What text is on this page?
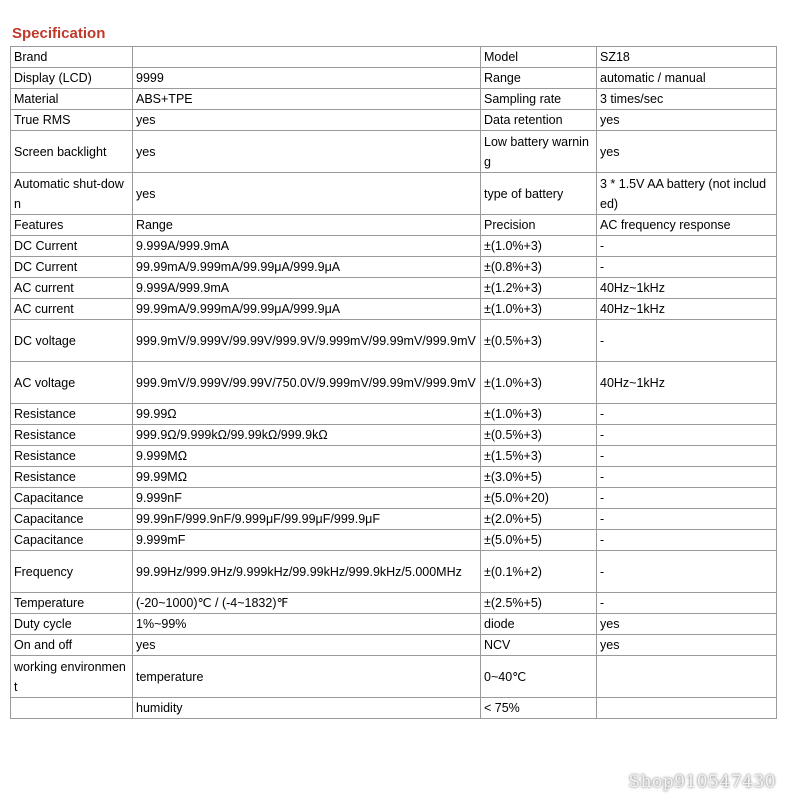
Specification
Brand		Model	SZ18
Display (LCD)	9999	Range	automatic / manual
Material	ABS+TPE	Sampling rate	3 times/sec
True RMS	yes	Data retention	yes
Screen backlight	yes	Low battery warning	yes
Automatic shut-down	yes	type of battery	3 * 1.5V AA battery (not included)
Features	Range	Precision	AC frequency response
DC Current	9.999A/999.9mA	±(1.0%+3)	-
DC Current	99.99mA/9.999mA/99.99μA/999.9μA	±(0.8%+3)	-
AC current	9.999A/999.9mA	±(1.2%+3)	40Hz~1kHz
AC current	99.99mA/9.999mA/99.99μA/999.9μA	±(1.0%+3)	40Hz~1kHz
DC voltage	999.9mV/9.999V/99.99V/999.9V/9.999mV/99.99mV/999.9mV	±(0.5%+3)	-
AC voltage	999.9mV/9.999V/99.99V/750.0V/9.999mV/99.99mV/999.9mV	±(1.0%+3)	40Hz~1kHz
Resistance	99.99Ω	±(1.0%+3)	-
Resistance	999.9Ω/9.999kΩ/99.99kΩ/999.9kΩ	±(0.5%+3)	-
Resistance	9.999MΩ	±(1.5%+3)	-
Resistance	99.99MΩ	±(3.0%+5)	-
Capacitance	9.999nF	±(5.0%+20)	-
Capacitance	99.99nF/999.9nF/9.999μF/99.99μF/999.9μF	±(2.0%+5)	-
Capacitance	9.999mF	±(5.0%+5)	-
Frequency	99.99Hz/999.9Hz/9.999kHz/99.99kHz/999.9kHz/5.000MHz	±(0.1%+2)	-
Temperature	(-20~1000)℃ / (-4~1832)℉	±(2.5%+5)	-
Duty cycle	1%~99%	diode	yes
On and off	yes	NCV	yes
working environment	temperature	0~40℃	
	humidity	< 75%	
Shop910547430
